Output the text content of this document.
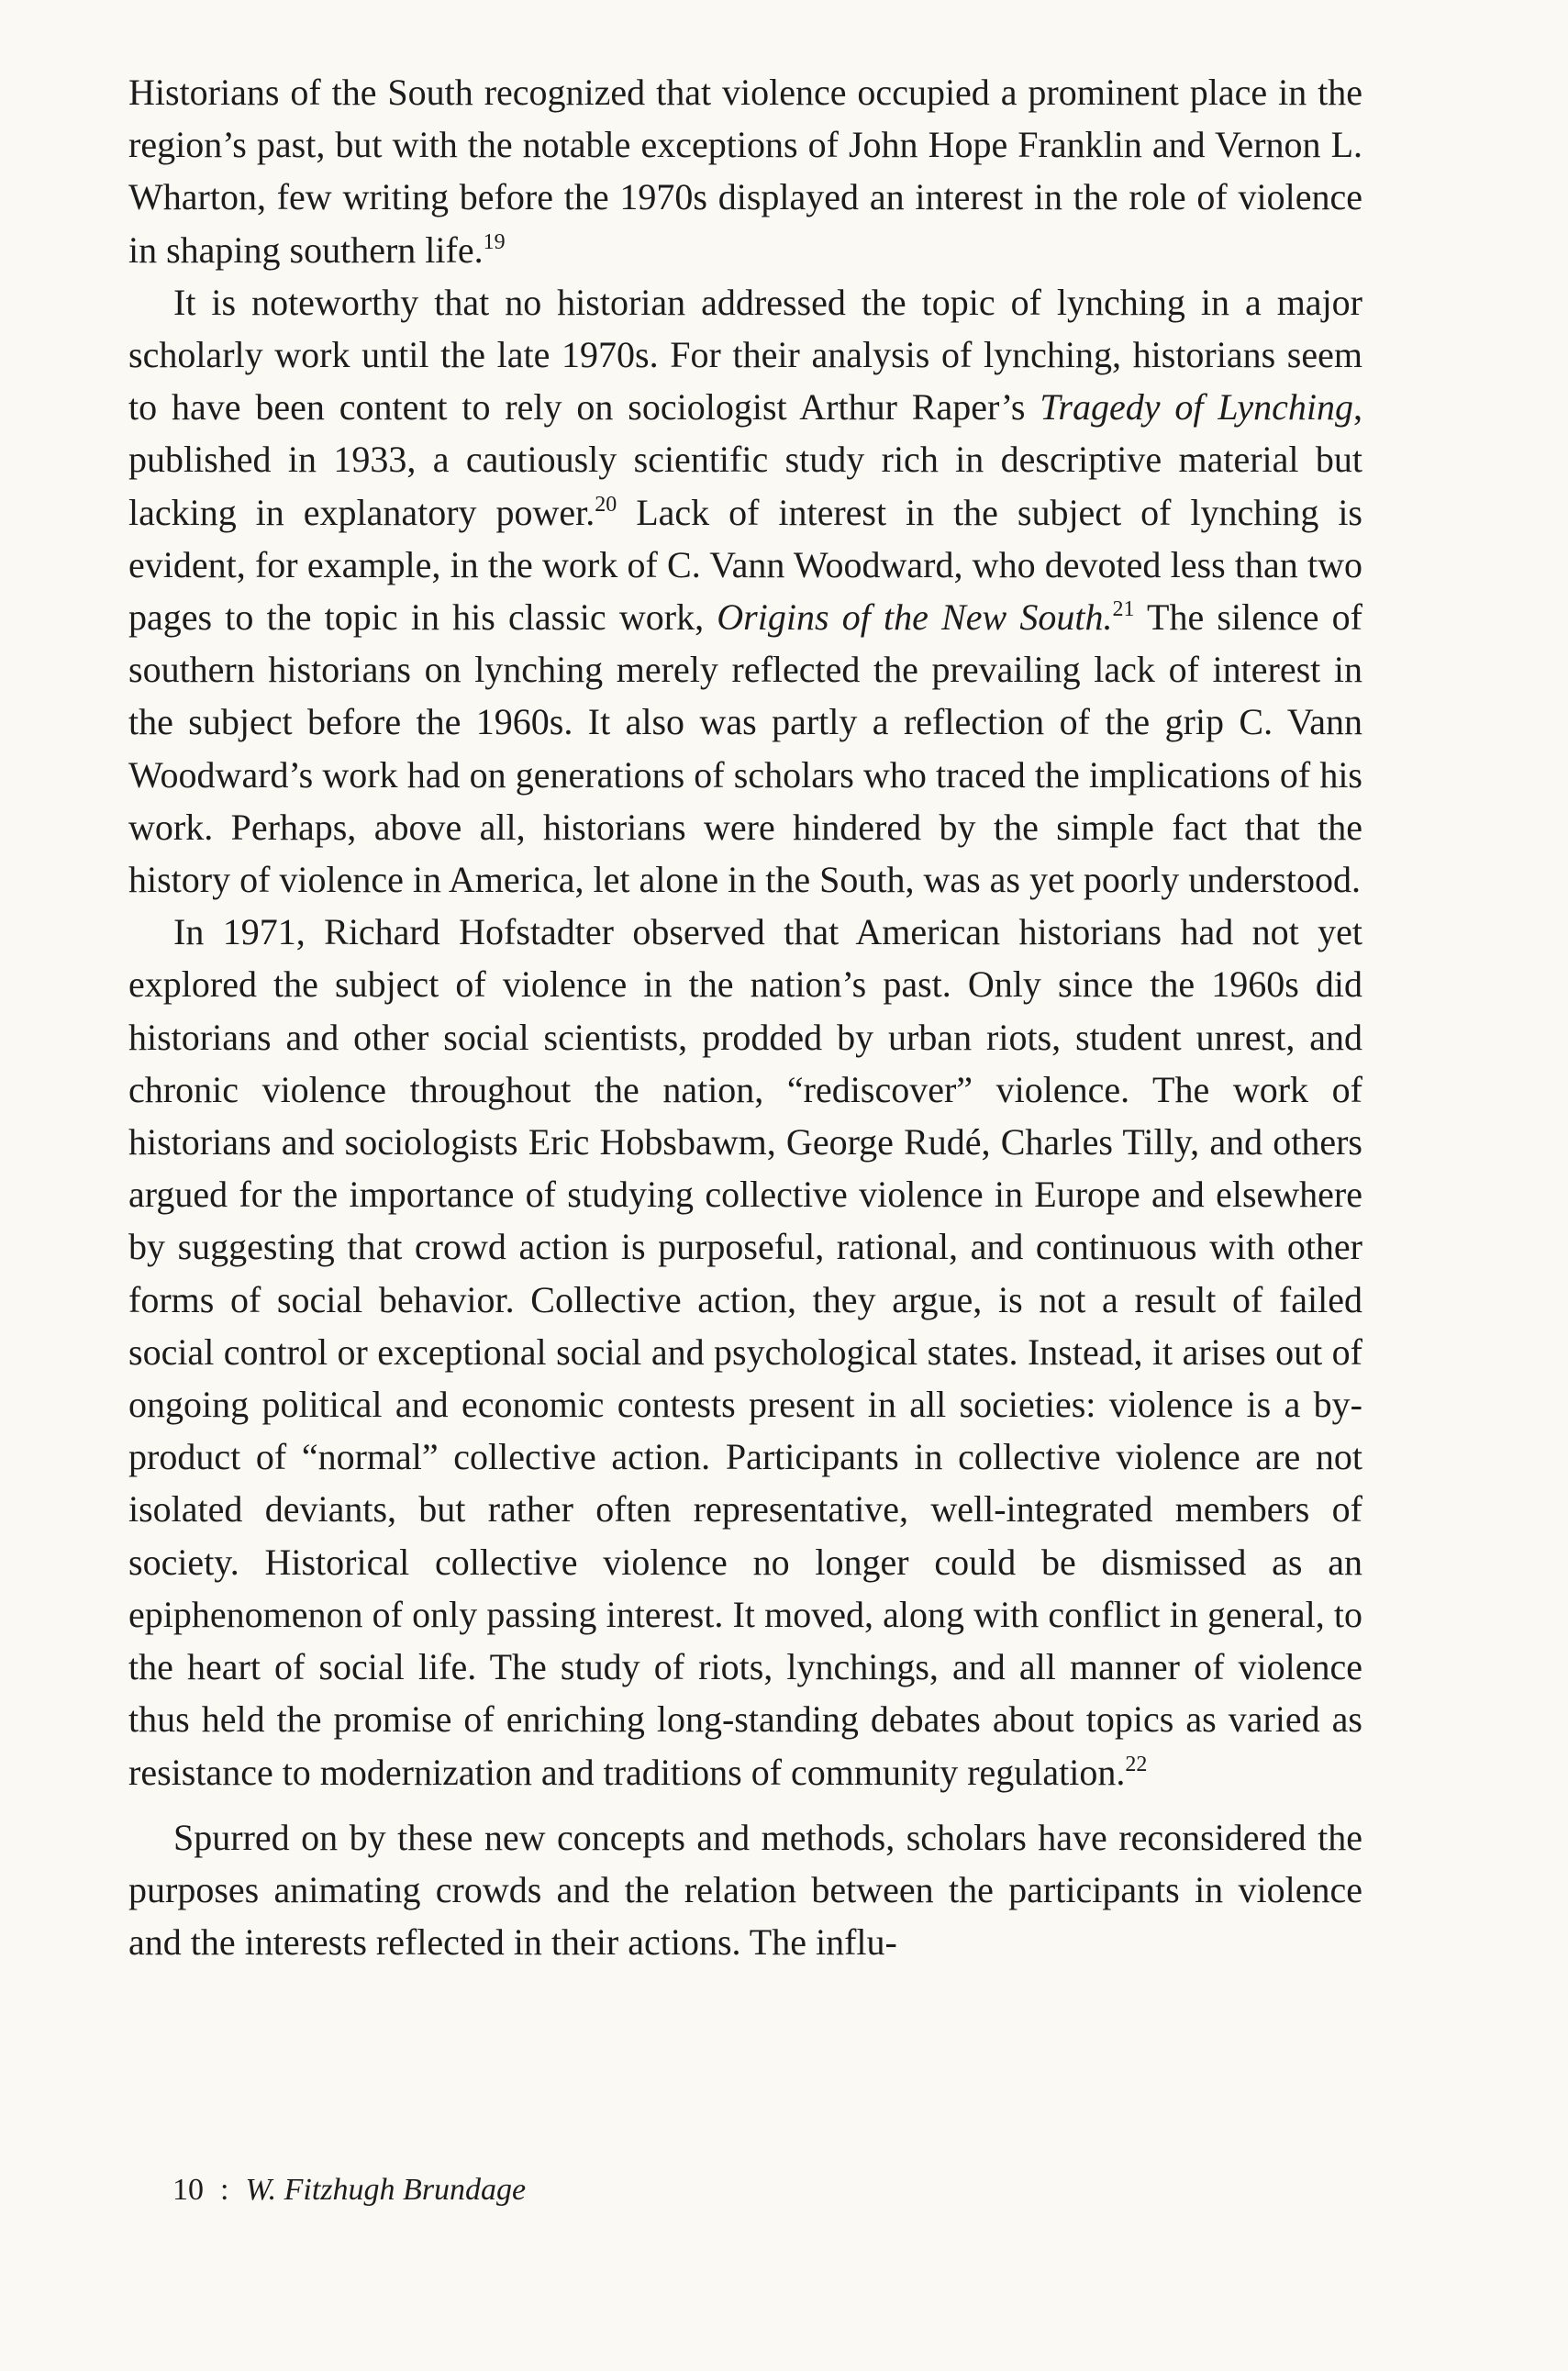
Historians of the South recognized that violence occupied a prominent place in the region’s past, but with the notable exceptions of John Hope Franklin and Vernon L. Wharton, few writing before the 1970s displayed an interest in the role of violence in shaping southern life.$^{19}$

It is noteworthy that no historian addressed the topic of lynching in a major scholarly work until the late 1970s. For their analysis of lynching, historians seem to have been content to rely on sociologist Arthur Raper’s Tragedy of Lynching, published in 1933, a cautiously scientific study rich in descriptive material but lacking in explanatory power.$^{20}$ Lack of interest in the subject of lynching is evident, for example, in the work of C. Vann Woodward, who devoted less than two pages to the topic in his classic work, Origins of the New South.$^{21}$ The silence of southern historians on lynching merely reflected the prevailing lack of interest in the subject before the 1960s. It also was partly a reflection of the grip C. Vann Woodward’s work had on generations of scholars who traced the implications of his work. Perhaps, above all, historians were hindered by the simple fact that the history of violence in America, let alone in the South, was as yet poorly understood.

In 1971, Richard Hofstadter observed that American historians had not yet explored the subject of violence in the nation’s past. Only since the 1960s did historians and other social scientists, prodded by urban riots, student unrest, and chronic violence throughout the nation, “rediscover” violence. The work of historians and sociologists Eric Hobsbawm, George Rudé, Charles Tilly, and others argued for the importance of studying collective violence in Europe and elsewhere by suggesting that crowd action is purposeful, rational, and continuous with other forms of social behavior. Collective action, they argue, is not a result of failed social control or exceptional social and psychological states. Instead, it arises out of ongoing political and economic contests present in all societies: violence is a by-product of “normal” collective action. Participants in collective violence are not isolated deviants, but rather often representative, well-integrated members of society. Historical collective violence no longer could be dismissed as an epiphenomenon of only passing interest. It moved, along with conflict in general, to the heart of social life. The study of riots, lynchings, and all manner of violence thus held the promise of enriching long-standing debates about topics as varied as resistance to modernization and traditions of community regulation.$^{22}$

Spurred on by these new concepts and methods, scholars have reconsidered the purposes animating crowds and the relation between the participants in violence and the interests reflected in their actions. The influ-

10 : W. Fitzhugh Brundage
